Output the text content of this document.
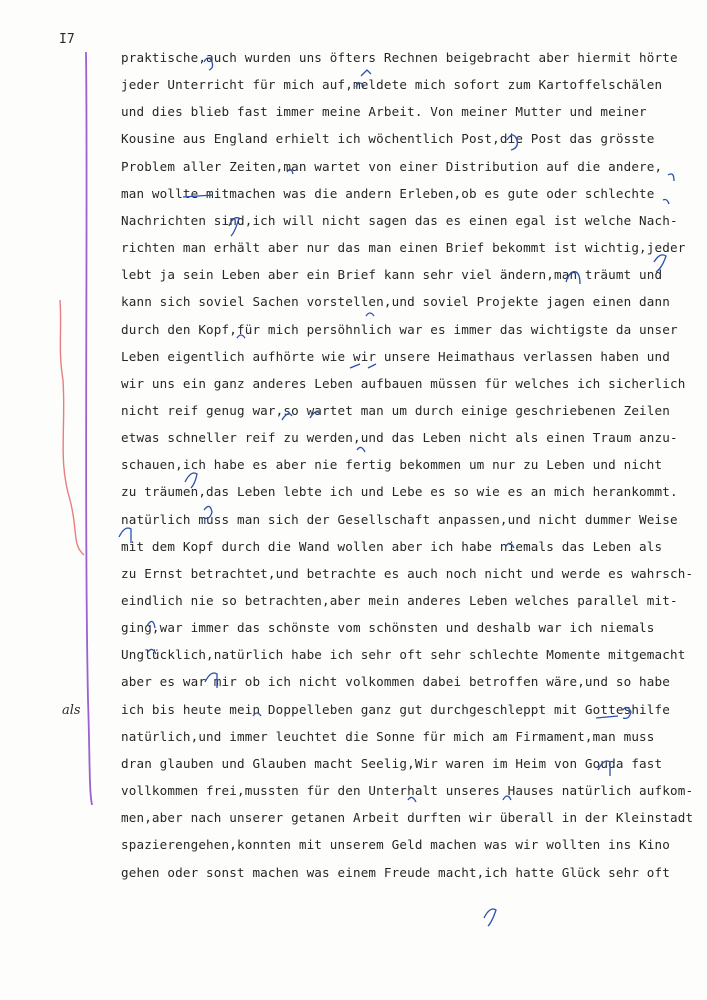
I7
als
praktische,auch wurden uns öfters Rechnen beigebracht aber hiermit hörte
jeder Unterricht für mich auf,meldete mich sofort zum Kartoffelschälen
und dies blieb fast immer meine Arbeit. Von meiner Mutter und meiner
Kousine aus England erhielt ich wöchentlich Post,die Post das grösste
Problem aller Zeiten,man wartet von einer Distribution auf die andere,
man wollte mitmachen was die andern Erleben,ob es gute oder schlechte
Nachrichten sind,ich will nicht sagen das es einen egal ist welche Nach-
richten man erhält aber nur das man einen Brief bekommt ist wichtig,jeder
lebt ja sein Leben aber ein Brief kann sehr viel ändern,man träumt und
kann sich soviel Sachen vorstellen,und soviel Projekte jagen einen dann
durch den Kopf,für mich persöhnlich war es immer das wichtigste da unser
Leben eigentlich aufhörte wie wir unsere Heimathaus verlassen haben und
wir uns ein ganz anderes Leben aufbauen müssen für welches ich sicherlich
nicht reif genug war,so wartet man um durch einige geschriebenen Zeilen
etwas schneller reif zu werden,und das Leben nicht als einen Traum anzu-
schauen,ich habe es aber nie fertig bekommen um nur zu Leben und nicht
zu träumen,das Leben lebte ich und Lebe es so wie es an mich herankommt.
natürlich muss man sich der Gesellschaft anpassen,und nicht dummer Weise
mit dem Kopf durch die Wand wollen aber ich habe niemals das Leben als
zu Ernst betrachtet,und betrachte es auch noch nicht und werde es wahrsch-
eindlich nie so betrachten,aber mein anderes Leben welches parallel mit-
ging,war immer das schönste vom schönsten und deshalb war ich niemals
Unglücklich,natürlich habe ich sehr oft sehr schlechte Momente mitgemacht
aber es war mir ob ich nicht volkommen dabei betroffen wäre,und so habe
ich bis heute mein Doppelleben ganz gut durchgeschleppt mit Gotteshilfe
natürlich,und immer leuchtet die Sonne für mich am Firmament,man muss
dran glauben und Glauben macht Seelig,Wir waren im Heim von Gouda fast
vollkommen frei,mussten für den Unterhalt unseres Hauses natürlich aufkom-
men,aber nach unserer getanen Arbeit durften wir überall in der Kleinstadt
spazierengehen,konnten mit unserem Geld machen was wir wollten ins Kino
gehen oder sonst machen was einem Freude macht,ich hatte Glück sehr oft
